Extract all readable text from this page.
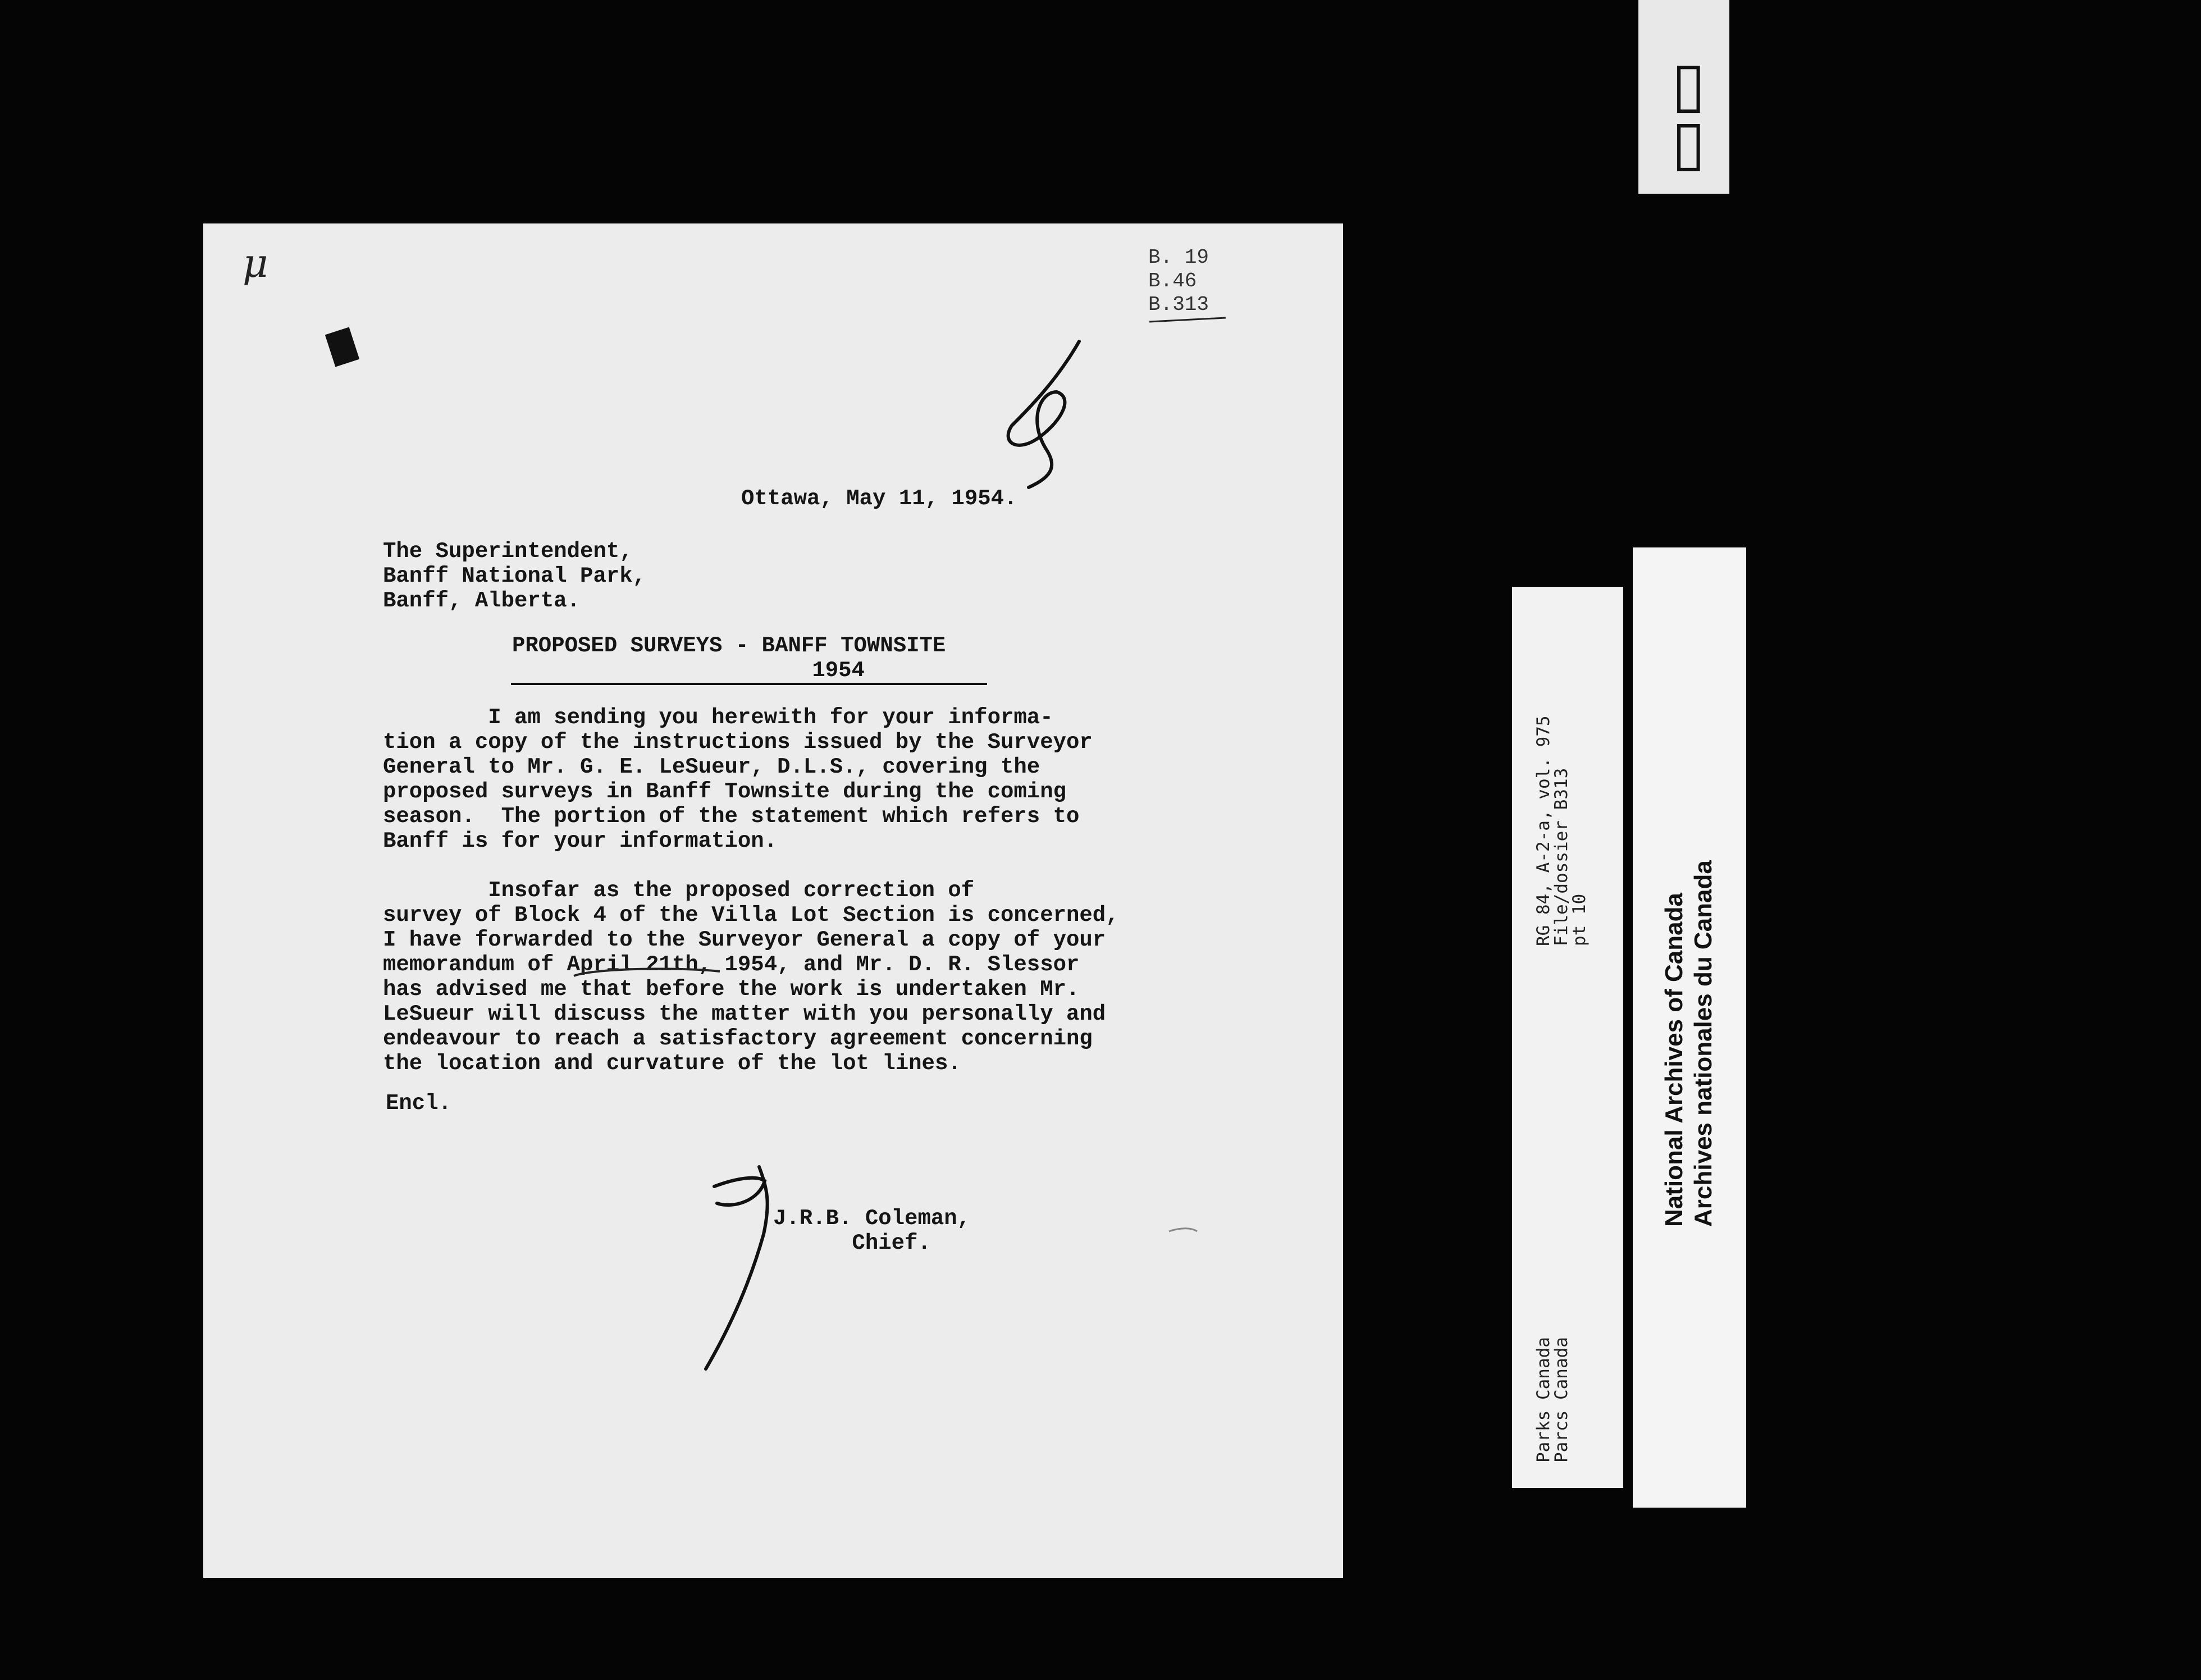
μ	B. 19
B.46
B.313
Ottawa, May 11, 1954.
The Superintendent,
Banff National Park,
Banff, Alberta.
PROPOSED SURVEYS - BANFF TOWNSITE
1954
I am sending you herewith for your informa-
tion a copy of the instructions issued by the Surveyor
General to Mr. G. E. LeSueur, D.L.S., covering the
proposed surveys in Banff Townsite during the coming
season.  The portion of the statement which refers to
Banff is for your information.

Insofar as the proposed correction of
survey of Block 4 of the Villa Lot Section is concerned,
I have forwarded to the Surveyor General a copy of your
memorandum of April 21th, 1954, and Mr. D. R. Slessor
has advised me that before the work is undertaken Mr.
LeSueur will discuss the matter with you personally and
endeavour to reach a satisfactory agreement concerning
the location and curvature of the lot lines.
Encl.
J.R.B. Coleman,
Chief.
▭▭
Parks Canada
Parcs Canada
RG 84, A-2-a, vol. 975
File/dossier B313
pt 10
National Archives of Canada
Archives nationales du Canada
